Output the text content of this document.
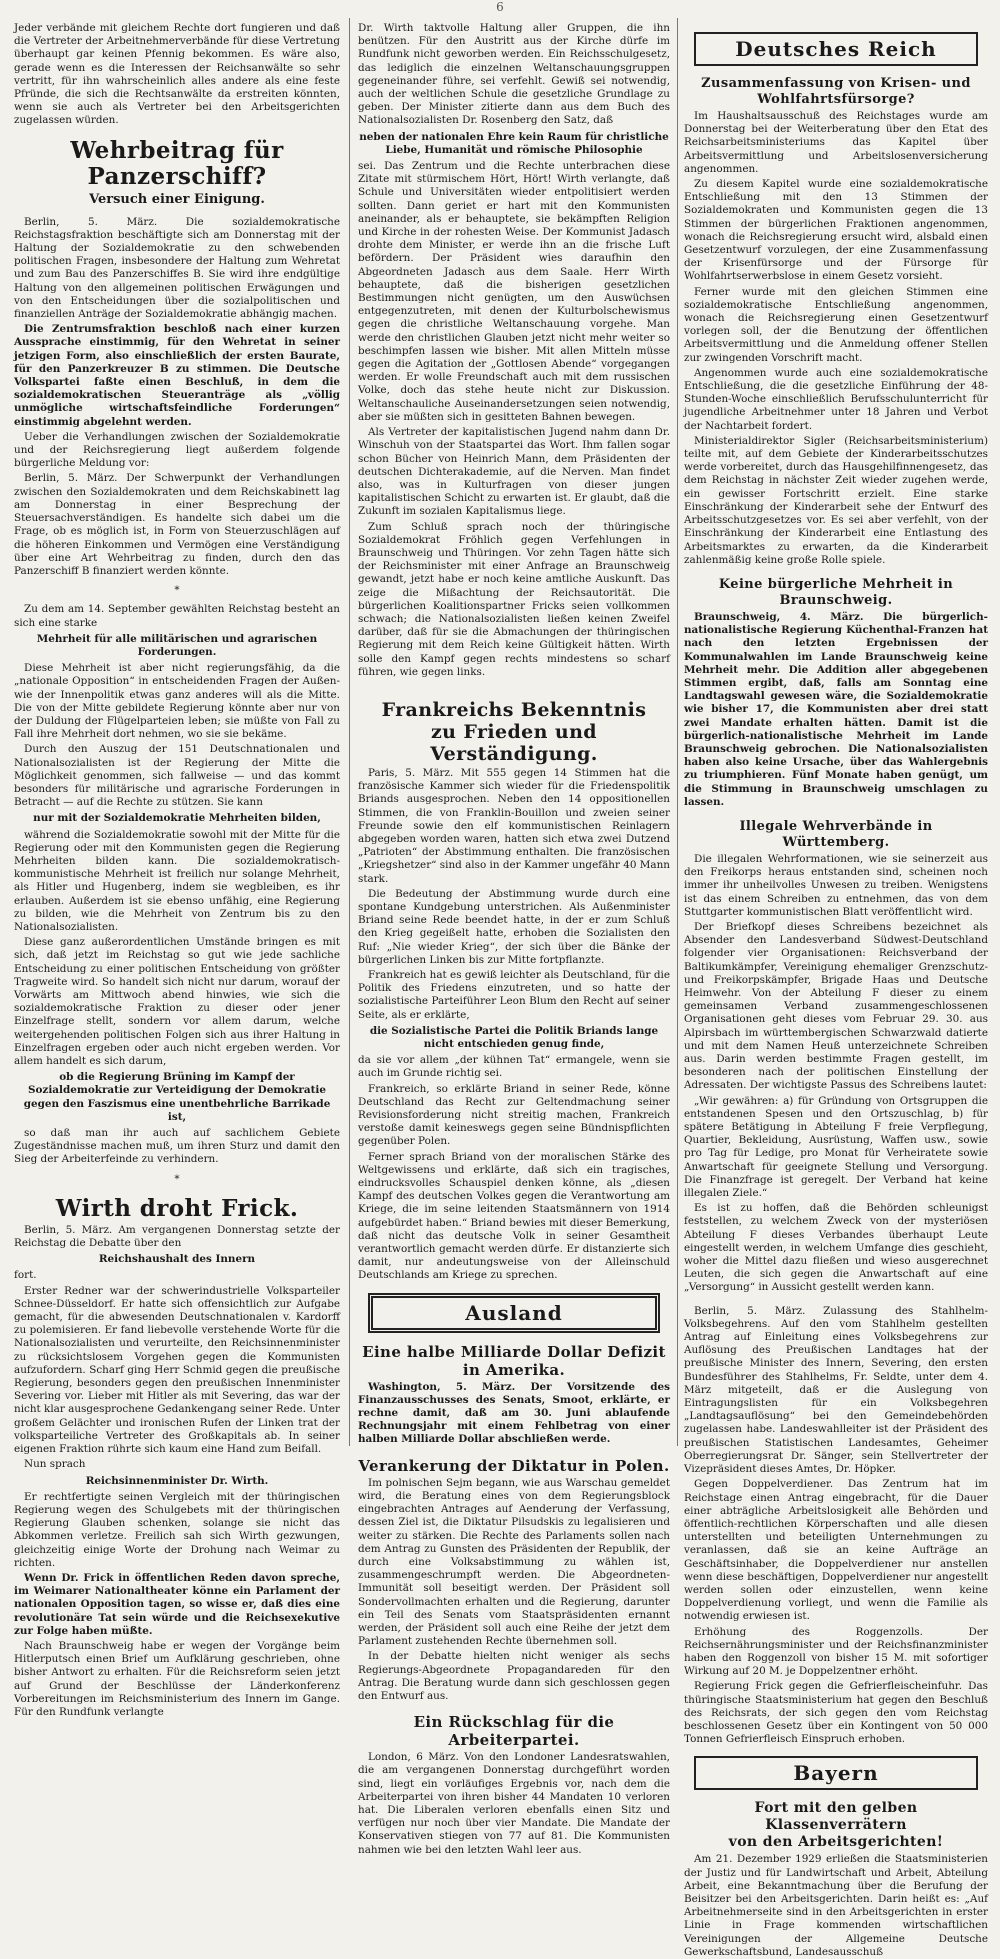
6

Jeder verbände mit gleichem Rechte dort fungieren und daß die Vertreter der Arbeitnehmerverbände für diese Vertretung überhaupt gar keinen Pfennig bekommen. Es wäre also, gerade wenn es die Interessen der Reichsanwälte so sehr vertritt, für ihn wahrscheinlich alles andere als eine feste Pfründe, die sich die Rechtsanwälte da erstreiten könnten, wenn sie auch als Vertreter bei den Arbeitsgerichten zugelassen würden.

Wehrbeitrag für Panzerschiff?
Versuch einer Einigung.

Berlin, 5. März. Die sozialdemokratische Reichstagsfraktion beschäftigte sich am Donnerstag mit der Haltung der Sozialdemokratie zu den schwebenden politischen Fragen, insbesondere der Haltung zum Wehretat und zum Bau des Panzerschiffes B. Sie wird ihre endgültige Haltung von den allgemeinen politischen Erwägungen und von den Entscheidungen über die sozialpolitischen und finanziellen Anträge der Sozialdemokratie abhängig machen.

Die Zentrumsfraktion beschloß nach einer kurzen Aussprache einstimmig, für den Wehretat in seiner jetzigen Form, also einschließlich der ersten Baurate, für den Panzerkreuzer B zu stimmen. Die Deutsche Volkspartei faßte einen Beschluß, in dem die sozialdemokratischen Steueranträge als „völlig unmögliche wirtschaftsfeindliche Forderungen“ einstimmig abgelehnt werden.

Ueber die Verhandlungen zwischen der Sozialdemokratie und der Reichsregierung liegt außerdem folgende bürgerliche Meldung vor:

Berlin, 5. März. Der Schwerpunkt der Verhandlungen zwischen den Sozialdemokraten und dem Reichskabinett lag am Donnerstag in einer Besprechung der Steuersachverständigen. Es handelte sich dabei um die Frage, ob es möglich ist, in Form von Steuerzuschlägen auf die höheren Einkommen und Vermögen eine Verständigung über eine Art Wehrbeitrag zu finden, durch den das Panzerschiff B finanziert werden könnte.

*

Zu dem am 14. September gewählten Reichstag besteht an sich eine starke

Mehrheit für alle militärischen und agrarischen Forderungen.

Diese Mehrheit ist aber nicht regierungsfähig, da die „nationale Opposition“ in entscheidenden Fragen der Außen- wie der Innenpolitik etwas ganz anderes will als die Mitte. Die von der Mitte gebildete Regierung könnte aber nur von der Duldung der Flügelparteien leben; sie müßte von Fall zu Fall ihre Mehrheit dort nehmen, wo sie sie bekäme.

Durch den Auszug der 151 Deutschnationalen und Nationalsozialisten ist der Regierung der Mitte die Möglichkeit genommen, sich fallweise — und das kommt besonders für militärische und agrarische Forderungen in Betracht — auf die Rechte zu stützen. Sie kann

nur mit der Sozialdemokratie Mehrheiten bilden,

während die Sozialdemokratie sowohl mit der Mitte für die Regierung oder mit den Kommunisten gegen die Regierung Mehrheiten bilden kann. Die sozialdemokratisch-kommunistische Mehrheit ist freilich nur solange Mehrheit, als Hitler und Hugenberg, indem sie wegbleiben, es ihr erlauben. Außerdem ist sie ebenso unfähig, eine Regierung zu bilden, wie die Mehrheit von Zentrum bis zu den Nationalsozialisten.

Diese ganz außerordentlichen Umstände bringen es mit sich, daß jetzt im Reichstag so gut wie jede sachliche Entscheidung zu einer politischen Entscheidung von größter Tragweite wird. So handelt sich nicht nur darum, worauf der Vorwärts am Mittwoch abend hinwies, wie sich die sozialdemokratische Fraktion zu dieser oder jener Einzelfrage stellt, sondern vor allem darum, welche weitergehenden politischen Folgen sich aus ihrer Haltung in Einzelfragen ergeben oder auch nicht ergeben werden. Vor allem handelt es sich darum,

ob die Regierung Brüning im Kampf der Sozialdemokratie zur Verteidigung der Demokratie gegen den Faszismus eine unentbehrliche Barrikade ist,

so daß man ihr auch auf sachlichem Gebiete Zugeständnisse machen muß, um ihren Sturz und damit den Sieg der Arbeiterfeinde zu verhindern.

*
Wirth droht Frick.

Berlin, 5. März. Am vergangenen Donnerstag setzte der Reichstag die Debatte über den

Reichshaushalt des Innern

fort.

Erster Redner war der schwerindustrielle Volksparteiler Schnee-Düsseldorf. Er hatte sich offensichtlich zur Aufgabe gemacht, für die abwesenden Deutschnationalen v. Kardorff zu polemisieren. Er fand liebevolle verstehende Worte für die Nationalsozialisten und verurteilte, den Reichsinnenminister zu rücksichtslosem Vorgehen gegen die Kommunisten aufzufordern. Scharf ging Herr Schmid gegen die preußische Regierung, besonders gegen den preußischen Innenminister Severing vor. Lieber mit Hitler als mit Severing, das war der nicht klar ausgesprochene Gedankengang seiner Rede. Unter großem Gelächter und ironischen Rufen der Linken trat der volksparteiliche Vertreter des Großkapitals ab. In seiner eigenen Fraktion rührte sich kaum eine Hand zum Beifall.

Nun sprach

Reichsinnenminister Dr. Wirth.

Er rechtfertigte seinen Vergleich mit der thüringischen Regierung wegen des Schulgebets mit der thüringischen Regierung Glauben schenken, solange sie nicht das Abkommen verletze. Freilich sah sich Wirth gezwungen, gleichzeitig einige Worte der Drohung nach Weimar zu richten.

Wenn Dr. Frick in öffentlichen Reden davon spreche, im Weimarer Nationaltheater könne ein Parlament der nationalen Opposition tagen, so wisse er, daß dies eine revolutionäre Tat sein würde und die Reichsexekutive zur Folge haben müßte.

Nach Braunschweig habe er wegen der Vorgänge beim Hitlerputsch einen Brief um Aufklärung geschrieben, ohne bisher Antwort zu erhalten. Für die Reichsreform seien jetzt auf Grund der Beschlüsse der Länderkonferenz Vorbereitungen im Reichsministerium des Innern im Gange. Für den Rundfunk verlangte

Dr. Wirth taktvolle Haltung aller Gruppen, die ihn benützen. Für den Austritt aus der Kirche dürfe im Rundfunk nicht geworben werden. Ein Reichsschulgesetz, das lediglich die einzelnen Weltanschauungsgruppen gegeneinander führe, sei verfehlt. Gewiß sei notwendig, auch der weltlichen Schule die gesetzliche Grundlage zu geben. Der Minister zitierte dann aus dem Buch des Nationalsozialisten Dr. Rosenberg den Satz, daß

neben der nationalen Ehre kein Raum für christliche Liebe, Humanität und römische Philosophie

sei. Das Zentrum und die Rechte unterbrachen diese Zitate mit stürmischem Hört, Hört! Wirth verlangte, daß Schule und Universitäten wieder entpolitisiert werden sollten. Dann geriet er hart mit den Kommunisten aneinander, als er behauptete, sie bekämpften Religion und Kirche in der rohesten Weise. Der Kommunist Jadasch drohte dem Minister, er werde ihn an die frische Luft befördern. Der Präsident wies daraufhin den Abgeordneten Jadasch aus dem Saale. Herr Wirth behauptete, daß die bisherigen gesetzlichen Bestimmungen nicht genügten, um den Auswüchsen entgegenzutreten, mit denen der Kulturbolschewismus gegen die christliche Weltanschauung vorgehe. Man werde den christlichen Glauben jetzt nicht mehr weiter so beschimpfen lassen wie bisher. Mit allen Mitteln müsse gegen die Agitation der „Gottlosen Abende“ vorgegangen werden. Er wolle Freundschaft auch mit dem russischen Volke, doch das stehe heute nicht zur Diskussion. Weltanschauliche Auseinandersetzungen seien notwendig, aber sie müßten sich in gesitteten Bahnen bewegen.

Als Vertreter der kapitalistischen Jugend nahm dann Dr. Winschuh von der Staatspartei das Wort. Ihm fallen sogar schon Bücher von Heinrich Mann, dem Präsidenten der deutschen Dichterakademie, auf die Nerven. Man findet also, was in Kulturfragen von dieser jungen kapitalistischen Schicht zu erwarten ist. Er glaubt, daß die Zukunft im sozialen Kapitalismus liege.

Zum Schluß sprach noch der thüringische Sozialdemokrat Fröhlich gegen Verfehlungen in Braunschweig und Thüringen. Vor zehn Tagen hätte sich der Reichsminister mit einer Anfrage an Braunschweig gewandt, jetzt habe er noch keine amtliche Auskunft. Das zeige die Mißachtung der Reichsautorität. Die bürgerlichen Koalitionspartner Fricks seien vollkommen schwach; die Nationalsozialisten ließen keinen Zweifel darüber, daß für sie die Abmachungen der thüringischen Regierung mit dem Reich keine Gültigkeit hätten. Wirth solle den Kampf gegen rechts mindestens so scharf führen, wie gegen links.

Frankreichs Bekenntnis
zu Frieden und Verständigung.

Paris, 5. März. Mit 555 gegen 14 Stimmen hat die französische Kammer sich wieder für die Friedenspolitik Briands ausgesprochen. Neben den 14 oppositionellen Stimmen, die von Franklin-Bouillon und zweien seiner Freunde sowie den elf kommunistischen Reinlagern abgegeben worden waren, hatten sich etwa zwei Dutzend „Patrioten“ der Abstimmung enthalten. Die französischen „Kriegshetzer“ sind also in der Kammer ungefähr 40 Mann stark.

Die Bedeutung der Abstimmung wurde durch eine spontane Kundgebung unterstrichen. Als Außenminister Briand seine Rede beendet hatte, in der er zum Schluß den Krieg gegeißelt hatte, erhoben die Sozialisten den Ruf: „Nie wieder Krieg“, der sich über die Bänke der bürgerlichen Linken bis zur Mitte fortpflanzte.

Frankreich hat es gewiß leichter als Deutschland, für die Politik des Friedens einzutreten, und so hatte der sozialistische Parteiführer Leon Blum den Recht auf seiner Seite, als er erklärte,

die Sozialistische Partei die Politik Briands lange nicht entschieden genug finde,

da sie vor allem „der kühnen Tat“ ermangele, wenn sie auch im Grunde richtig sei.

Frankreich, so erklärte Briand in seiner Rede, könne Deutschland das Recht zur Geltendmachung seiner Revisionsforderung nicht streitig machen, Frankreich verstoße damit keineswegs gegen seine Bündnispflichten gegenüber Polen.

Ferner sprach Briand von der moralischen Stärke des Weltgewissens und erklärte, daß sich ein tragisches, eindrucksvolles Schauspiel denken könne, als „diesen Kampf des deutschen Volkes gegen die Verantwortung am Kriege, die im seine leitenden Staatsmännern von 1914 aufgebürdet haben.“ Briand bewies mit dieser Bemerkung, daß nicht das deutsche Volk in seiner Gesamtheit verantwortlich gemacht werden dürfe. Er distanzierte sich damit, nur andeutungsweise von der Alleinschuld Deutschlands am Kriege zu sprechen.

Ausland
Eine halbe Milliarde Dollar Defizit in Amerika.

Washington, 5. März. Der Vorsitzende des Finanzausschusses des Senats, Smoot, erklärte, er rechne damit, daß am 30. Juni ablaufende Rechnungsjahr mit einem Fehlbetrag von einer halben Milliarde Dollar abschließen werde.

Verankerung der Diktatur in Polen.

Im polnischen Sejm begann, wie aus Warschau gemeldet wird, die Beratung eines von dem Regierungsblock eingebrachten Antrages auf Aenderung der Verfassung, dessen Ziel ist, die Diktatur Pilsudskis zu legalisieren und weiter zu stärken. Die Rechte des Parlaments sollen nach dem Antrag zu Gunsten des Präsidenten der Republik, der durch eine Volksabstimmung zu wählen ist, zusammengeschrumpft werden. Die Abgeordneten-Immunität soll beseitigt werden. Der Präsident soll Sondervollmachten erhalten und die Regierung, darunter ein Teil des Senats vom Staatspräsidenten ernannt werden, der Präsident soll auch eine Reihe der jetzt dem Parlament zustehenden Rechte übernehmen soll.

In der Debatte hielten nicht weniger als sechs Regierungs-Abgeordnete Propagandareden für den Antrag. Die Beratung wurde dann sich geschlossen gegen den Entwurf aus.

Ein Rückschlag für die Arbeiterpartei.

London, 6 März. Von den Londoner Landesratswahlen, die am vergangenen Donnerstag durchgeführt worden sind, liegt ein vorläufiges Ergebnis vor, nach dem die Arbeiterpartei von ihren bisher 44 Mandaten 10 verloren hat. Die Liberalen verloren ebenfalls einen Sitz und verfügen nur noch über vier Mandate. Die Mandate der Konservativen stiegen von 77 auf 81. Die Kommunisten nahmen wie bei den letzten Wahl leer aus.

Deutsches Reich
Zusammenfassung von Krisen- und Wohlfahrtsfürsorge?

Im Haushaltsausschuß des Reichstages wurde am Donnerstag bei der Weiterberatung über den Etat des Reichsarbeitsministeriums das Kapitel über Arbeitsvermittlung und Arbeitslosenversicherung angenommen.

Zu diesem Kapitel wurde eine sozialdemokratische Entschließung mit den 13 Stimmen der Sozialdemokraten und Kommunisten gegen die 13 Stimmen der bürgerlichen Fraktionen angenommen, wonach die Reichsregierung ersucht wird, alsbald einen Gesetzentwurf vorzulegen, der eine Zusammenfassung der Krisenfürsorge und der Fürsorge für Wohlfahrtserwerbslose in einem Gesetz vorsieht.

Ferner wurde mit den gleichen Stimmen eine sozialdemokratische Entschließung angenommen, wonach die Reichsregierung einen Gesetzentwurf vorlegen soll, der die Benutzung der öffentlichen Arbeitsvermittlung und die Anmeldung offener Stellen zur zwingenden Vorschrift macht.

Angenommen wurde auch eine sozialdemokratische Entschließung, die die gesetzliche Einführung der 48-Stunden-Woche einschließlich Berufsschulunterricht für jugendliche Arbeitnehmer unter 18 Jahren und Verbot der Nachtarbeit fordert.

Ministerialdirektor Sigler (Reichsarbeitsministerium) teilte mit, auf dem Gebiete der Kinderarbeitsschutzes werde vorbereitet, durch das Hausgehilfinnengesetz, das dem Reichstag in nächster Zeit wieder zugehen werde, ein gewisser Fortschritt erzielt. Eine starke Einschränkung der Kinderarbeit sehe der Entwurf des Arbeitsschutzgesetzes vor. Es sei aber verfehlt, von der Einschränkung der Kinderarbeit eine Entlastung des Arbeitsmarktes zu erwarten, da die Kinderarbeit zahlenmäßig keine große Rolle spiele.

Keine bürgerliche Mehrheit in Braunschweig.

Braunschweig, 4. März. Die bürgerlich-nationalistische Regierung Küchenthal-Franzen hat nach den letzten Ergebnissen der Kommunalwahlen im Lande Braunschweig keine Mehrheit mehr. Die Addition aller abgegebenen Stimmen ergibt, daß, falls am Sonntag eine Landtagswahl gewesen wäre, die Sozialdemokratie wie bisher 17, die Kommunisten aber drei statt zwei Mandate erhalten hätten. Damit ist die bürgerlich-nationalistische Mehrheit im Lande Braunschweig gebrochen. Die Nationalsozialisten haben also keine Ursache, über das Wahlergebnis zu triumphieren. Fünf Monate haben genügt, um die Stimmung in Braunschweig umschlagen zu lassen.

Illegale Wehrverbände in Württemberg.

Die illegalen Wehrformationen, wie sie seinerzeit aus den Freikorps heraus entstanden sind, scheinen noch immer ihr unheilvolles Unwesen zu treiben. Wenigstens ist das einem Schreiben zu entnehmen, das von dem Stuttgarter kommunistischen Blatt veröffentlicht wird.

Der Briefkopf dieses Schreibens bezeichnet als Absender den Landesverband Südwest-Deutschland folgender vier Organisationen: Reichsverband der Baltikumkämpfer, Vereinigung ehemaliger Grenzschutz- und Freikorpskämpfer, Brigade Haas und Deutsche Heimwehr. Von der Abteilung F dieser zu einem gemeinsamen Verband zusammengeschlossenen Organisationen geht dieses vom Februar 29. 30. aus Alpirsbach im württembergischen Schwarzwald datierte und mit dem Namen Heuß unterzeichnete Schreiben aus. Darin werden bestimmte Fragen gestellt, im besonderen nach der politischen Einstellung der Adressaten. Der wichtigste Passus des Schreibens lautet:

„Wir gewähren: a) für Gründung von Ortsgruppen die entstandenen Spesen und den Ortszuschlag, b) für spätere Betätigung in Abteilung F freie Verpflegung, Quartier, Bekleidung, Ausrüstung, Waffen usw., sowie pro Tag für Ledige, pro Monat für Verheiratete sowie Anwartschaft für geeignete Stellung und Versorgung. Die Finanzfrage ist geregelt. Der Verband hat keine illegalen Ziele.“

Es ist zu hoffen, daß die Behörden schleunigst feststellen, zu welchem Zweck von der mysteriösen Abteilung F dieses Verbandes überhaupt Leute eingestellt werden, in welchem Umfange dies geschieht, woher die Mittel dazu fließen und wieso ausgerechnet Leuten, die sich gegen die Anwartschaft auf eine „Versorgung“ in Aussicht gestellt werden kann.

Berlin, 5. März. Zulassung des Stahlhelm-Volksbegehrens. Auf den vom Stahlhelm gestellten Antrag auf Einleitung eines Volksbegehrens zur Auflösung des Preußischen Landtages hat der preußische Minister des Innern, Severing, den ersten Bundesführer des Stahlhelms, Fr. Seldte, unter dem 4. März mitgeteilt, daß er die Auslegung von Eintragungslisten für ein Volksbegehren „Landtagsauflösung“ bei den Gemeindebehörden zugelassen habe. Landeswahlleiter ist der Präsident des preußischen Statistischen Landesamtes, Geheimer Oberregierungsrat Dr. Sänger, sein Stellvertreter der Vizepräsident dieses Amtes, Dr. Höpker.

Gegen Doppelverdiener. Das Zentrum hat im Reichstage einen Antrag eingebracht, für die Dauer einer abträgliche Arbeitslosigkeit alle Behörden und öffentlich-rechtlichen Körperschaften und alle diesen unterstellten und beteiligten Unternehmungen zu veranlassen, daß sie an keine Aufträge an Geschäftsinhaber, die Doppelverdiener nur anstellen wenn diese beschäftigen, Doppelverdiener nur angestellt werden sollen oder einzustellen, wenn keine Doppelverdienung vorliegt, und wenn die Familie als notwendig erwiesen ist.

Erhöhung des Roggenzolls. Der Reichsernährungsminister und der Reichsfinanzminister haben den Roggenzoll von bisher 15 M. mit sofortiger Wirkung auf 20 M. je Doppelzentner erhöht.

Regierung Frick gegen die Gefrierfleischeinfuhr. Das thüringische Staatsministerium hat gegen den Beschluß des Reichsrats, der sich gegen den vom Reichstag beschlossenen Gesetz über ein Kontingent von 50 000 Tonnen Gefrierfleisch Einspruch erhoben.

Bayern
Fort mit den gelben Klassenverrätern
von den Arbeitsgerichten!

Am 21. Dezember 1929 erließen die Staatsministerien der Justiz und für Landwirtschaft und Arbeit, Abteilung Arbeit, eine Bekanntmachung über die Berufung der Beisitzer bei den Arbeitsgerichten. Darin heißt es: „Auf Arbeitnehmerseite sind in den Arbeitsgerichten in erster Linie in Frage kommenden wirtschaftlichen Vereinigungen der Allgemeine Deutsche Gewerkschaftsbund, Landesausschuß
